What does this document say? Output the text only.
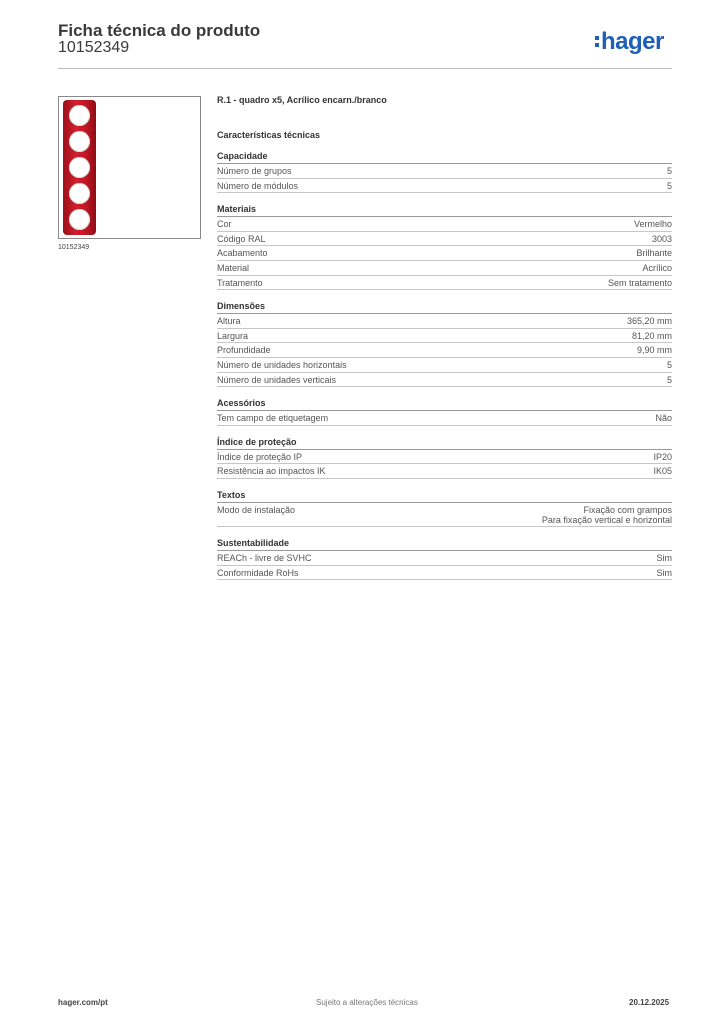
Ficha técnica do produto
10152349	hager
10152349
R.1 - quadro x5, Acrílico encarn./branco
Características técnicas
Capacidade
Número de grupos	5
Número de módulos	5
Materiais
Cor	Vermelho
Código RAL	3003
Acabamento	Brilhante
Material	Acrílico
Tratamento	Sem tratamento
Dimensões
Altura	365,20 mm
Largura	81,20 mm
Profundidade	9,90 mm
Número de unidades horizontais	5
Número de unidades verticais	5
Acessórios
Tem campo de etiquetagem	Não
Índice de proteção
Índice de proteção IP	IP20
Resistência ao impactos IK	IK05
Textos
Modo de instalação	Fixação com grampos
Para fixação vertical e horizontal
Sustentabilidade
REACh - livre de SVHC	Sim
Conformidade RoHs	Sim
hager.com/pt	Sujeito a alterações técnicas	20.12.2025
